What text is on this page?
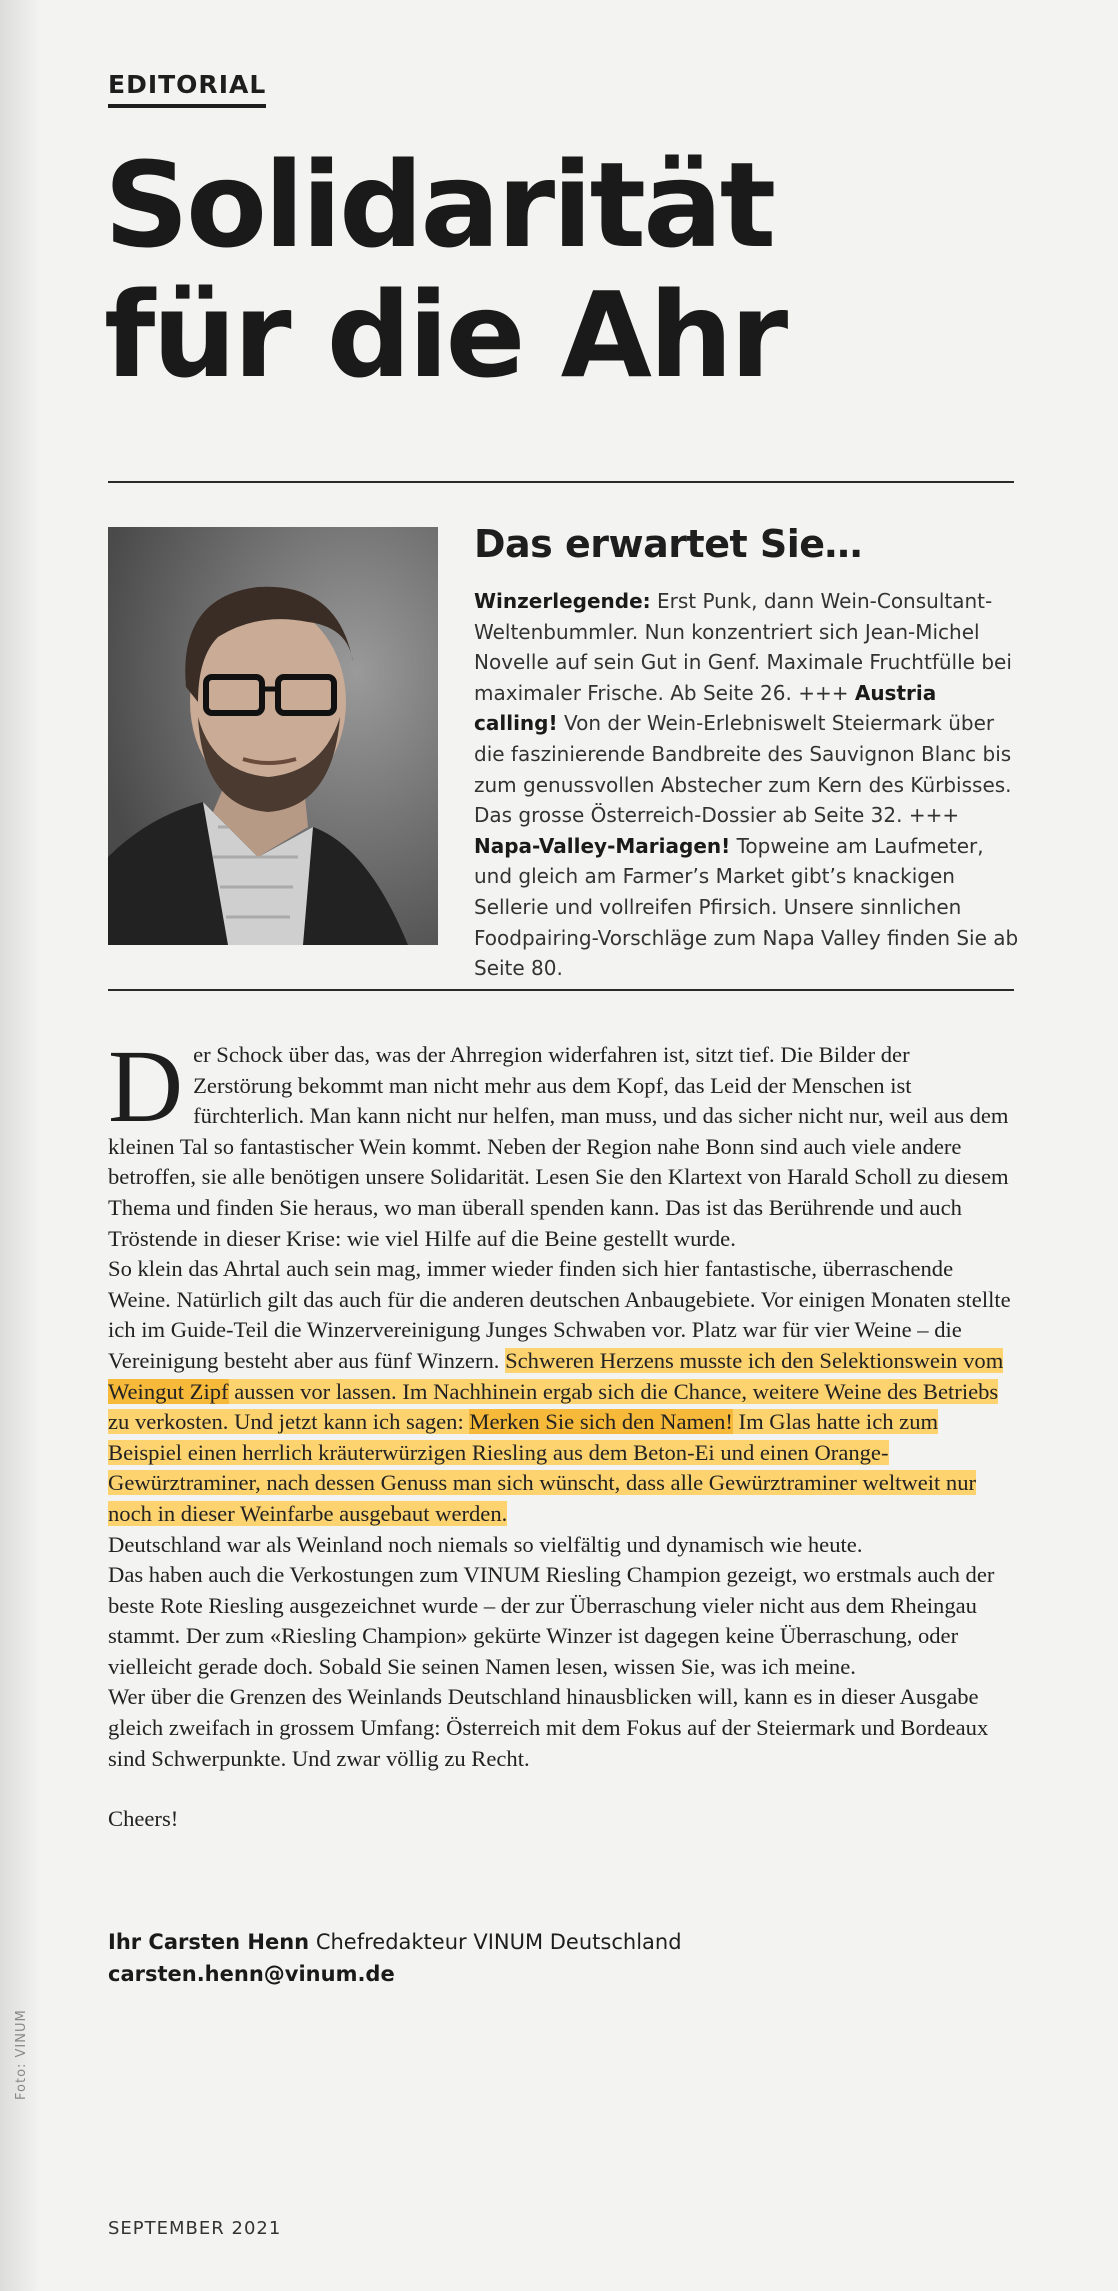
EDITORIAL
Solidarität
für die Ahr
Das erwartet Sie…
Winzerlegende: Erst Punk, dann Wein-Consultant-Weltenbummler. Nun konzentriert sich Jean-Michel Novelle auf sein Gut in Genf. Maximale Fruchtfülle bei maximaler Frische. Ab Seite 26. +++ Austria calling! Von der Wein-Erlebniswelt Steiermark über die faszinierende Bandbreite des Sauvignon Blanc bis zum genussvollen Abstecher zum Kern des Kürbisses. Das grosse Österreich-Dossier ab Seite 32. +++ Napa-Valley-Mariagen! Topweine am Laufmeter, und gleich am Farmer’s Market gibt’s knackigen Sellerie und vollreifen Pfirsich. Unsere sinnlichen Foodpairing-Vorschläge zum Napa Valley finden Sie ab Seite 80.

Der Schock über das, was der Ahrregion widerfahren ist, sitzt tief. Die Bilder der Zerstörung bekommt man nicht mehr aus dem Kopf, das Leid der Menschen ist fürchterlich. Man kann nicht nur helfen, man muss, und das sicher nicht nur, weil aus dem kleinen Tal so fantastischer Wein kommt. Neben der Region nahe Bonn sind auch viele andere betroffen, sie alle benötigen unsere Solidarität. Lesen Sie den Klartext von Harald Scholl zu diesem Thema und finden Sie heraus, wo man überall spenden kann. Das ist das Berührende und auch Tröstende in dieser Krise: wie viel Hilfe auf die Beine gestellt wurde.

So klein das Ahrtal auch sein mag, immer wieder finden sich hier fantastische, überraschende Weine. Natürlich gilt das auch für die anderen deutschen Anbaugebiete. Vor einigen Monaten stellte ich im Guide-Teil die Winzervereinigung Junges Schwaben vor. Platz war für vier Weine – die Vereinigung besteht aber aus fünf Winzern. Schweren Herzens musste ich den Selektionswein vom Weingut Zipf aussen vor lassen. Im Nachhinein ergab sich die Chance, weitere Weine des Betriebs zu verkosten. Und jetzt kann ich sagen: Merken Sie sich den Namen! Im Glas hatte ich zum Beispiel einen herrlich kräuterwürzigen Riesling aus dem Beton-Ei und einen Orange-Gewürztraminer, nach dessen Genuss man sich wünscht, dass alle Gewürztraminer weltweit nur noch in dieser Weinfarbe ausgebaut werden.

Deutschland war als Weinland noch niemals so vielfältig und dynamisch wie heute.

Das haben auch die Verkostungen zum VINUM Riesling Champion gezeigt, wo erstmals auch der beste Rote Riesling ausgezeichnet wurde – der zur Überraschung vieler nicht aus dem Rheingau stammt. Der zum «Riesling Champion» gekürte Winzer ist dagegen keine Überraschung, oder vielleicht gerade doch. Sobald Sie seinen Namen lesen, wissen Sie, was ich meine.

Wer über die Grenzen des Weinlands Deutschland hinausblicken will, kann es in dieser Ausgabe gleich zweifach in grossem Umfang: Österreich mit dem Fokus auf der Steiermark und Bordeaux sind Schwerpunkte. Und zwar völlig zu Recht.

Cheers!

Ihr Carsten Henn Chefredakteur VINUM Deutschland
carsten.henn@vinum.de
Foto: VINUM
SEPTEMBER 2021
